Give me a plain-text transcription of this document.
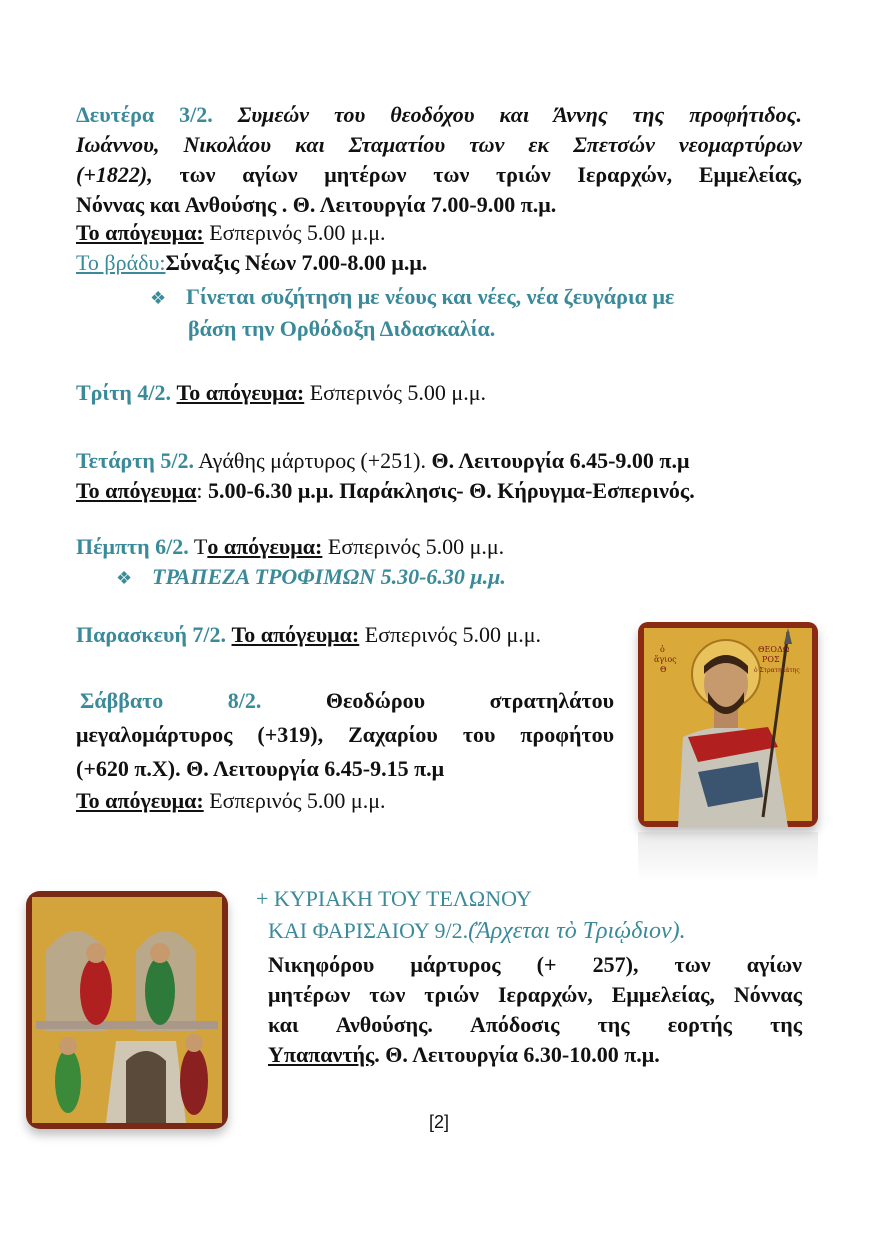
Δευτέρα 3/2. Συμεών του θεοδόχου και Άννης της προφήτιδος.
Ιωάννου, Νικολάου και Σταματίου των εκ Σπετσών νεομαρτύρων
(+1822), των αγίων μητέρων των τριών Ιεραρχών, Εμμελείας,
Νόννας και Ανθούσης . Θ. Λειτουργία 7.00-9.00 π.μ.
Το απόγευμα: Εσπερινός 5.00 μ.μ.
Το βράδυ:Σύναξις Νέων 7.00-8.00 μ.μ.
❖ Γίνεται συζήτηση με νέους και νέες, νέα ζευγάρια με
βάση την Ορθόδοξη Διδασκαλία.
Τρίτη 4/2. Το απόγευμα: Εσπερινός 5.00 μ.μ.
Τετάρτη 5/2. Αγάθης μάρτυρος (+251). Θ. Λειτουργία 6.45-9.00 π.μ
Το απόγευμα: 5.00-6.30 μ.μ. Παράκλησις- Θ. Κήρυγμα-Εσπερινός.
Πέμπτη 6/2. Το απόγευμα: Εσπερινός 5.00 μ.μ.
❖ ΤΡΑΠΕΖΑ ΤΡΟΦΙΜΩΝ 5.30-6.30 μ.μ.
Παρασκευή 7/2. Το απόγευμα: Εσπερινός 5.00 μ.μ.
Σάββατο	8/2.	Θεοδώρου	στρατηλάτου
μεγαλομάρτυρος (+319), Ζαχαρίου του προφήτου
(+620 π.Χ). Θ. Λειτουργία 6.45-9.15 π.μ
Το απόγευμα: Εσπερινός 5.00 μ.μ.
ὁ
ἅγιος
Θ
ΘΕΟΔΩ
ΡΟΣ
ὁ Στρατηλάτης
+ ΚΥΡΙΑΚΗ ΤΟΥ ΤΕΛΩΝΟΥ
ΚΑΙ ΦΑΡΙΣΑΙΟΥ 9/2.(Ἄρχεται τὸ Τριῴδιον).
Νικηφόρου μάρτυρος (+ 257), των αγίων
μητέρων των τριών Ιεραρχών, Εμμελείας, Νόννας
και Ανθούσης. Απόδοσις της εορτής της
Υπαπαντής. Θ. Λειτουργία 6.30-10.00 π.μ.
[2]
